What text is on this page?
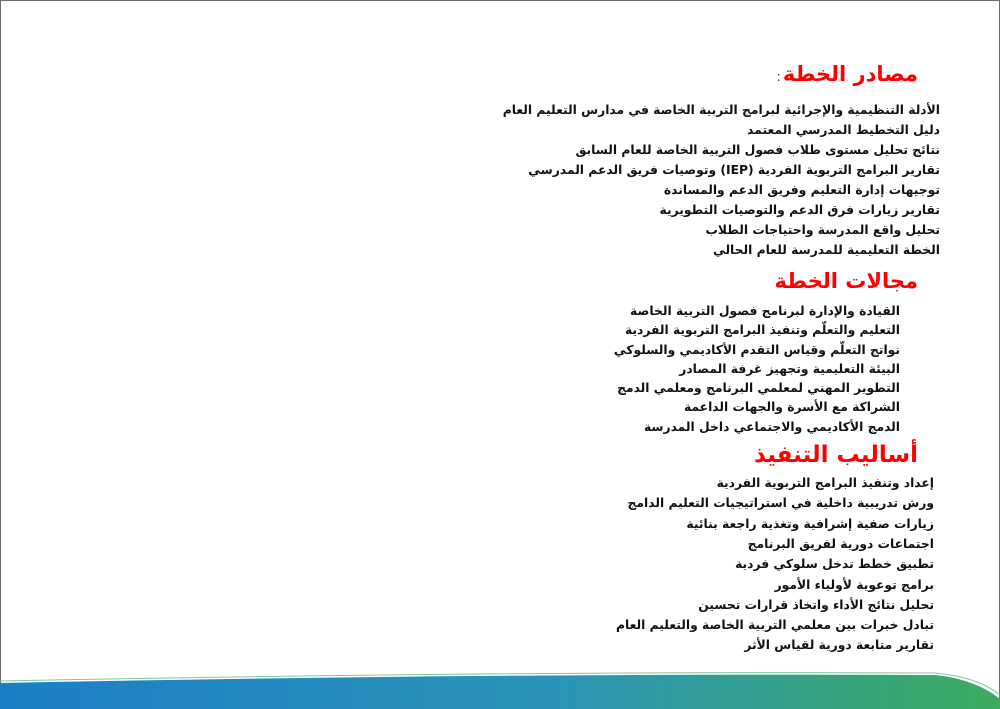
مصادر الخطة:
الأدلة التنظيمية والإجرائية لبرامج التربية الخاصة في مدارس التعليم العام
دليل التخطيط المدرسي المعتمد
نتائج تحليل مستوى طلاب فصول التربية الخاصة للعام السابق
تقارير البرامج التربوية الفردية (IEP) وتوصيات فريق الدعم المدرسي
توجيهات إدارة التعليم وفريق الدعم والمساندة
تقارير زيارات فرق الدعم والتوصيات التطويرية
تحليل واقع المدرسة واحتياجات الطلاب
الخطة التعليمية للمدرسة للعام الحالي
مجالات الخطة
القيادة والإدارة لبرنامج فصول التربية الخاصة
التعليم والتعلّم وتنفيذ البرامج التربوية الفردية
نواتج التعلّم وقياس التقدم الأكاديمي والسلوكي
البيئة التعليمية وتجهيز غرفة المصادر
التطوير المهني لمعلمي البرنامج ومعلمي الدمج
الشراكة مع الأسرة والجهات الداعمة
الدمج الأكاديمي والاجتماعي داخل المدرسة
أساليب التنفيذ
إعداد وتنفيذ البرامج التربوية الفردية
ورش تدريبية داخلية في استراتيجيات التعليم الدامج
زيارات صفية إشرافية وتغذية راجعة بنائية
اجتماعات دورية لفريق البرنامج
تطبيق خطط تدخل سلوكي فردية
برامج توعوية لأولياء الأمور
تحليل نتائج الأداء واتخاذ قرارات تحسين
تبادل خبرات بين معلمي التربية الخاصة والتعليم العام
تقارير متابعة دورية لقياس الأثر
